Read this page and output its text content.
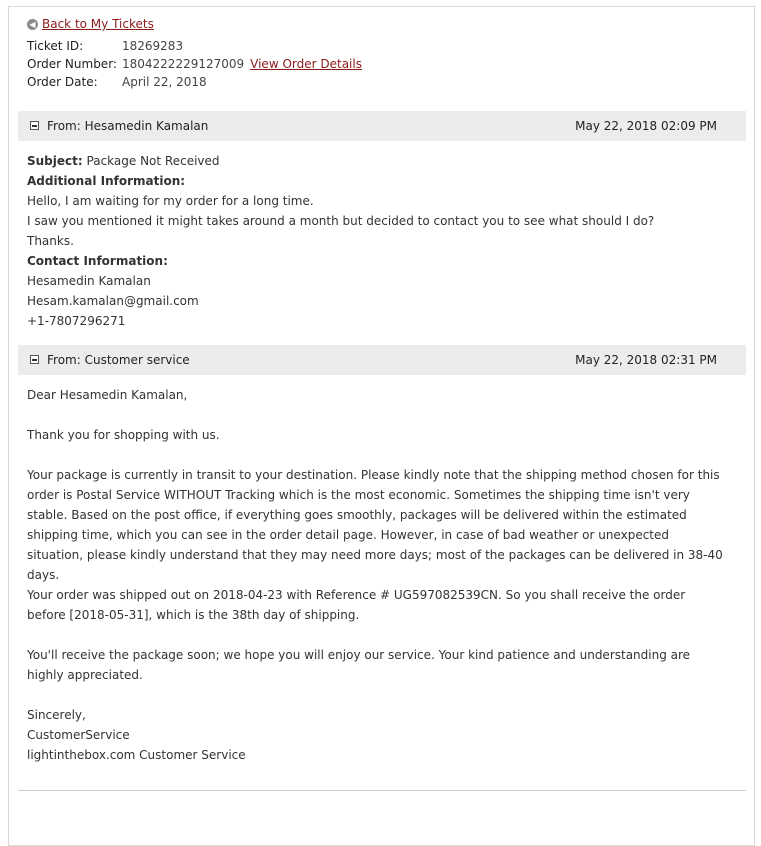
◀ Back to My Tickets
Ticket ID:	18269283
Order Number: 1804222229127009 View Order Details
Order Date: April 22, 2018
From: Hesamedin Kamalan	May 22, 2018 02:09 PM
Subject: Package Not Received
Additional Information:
Hello, I am waiting for my order for a long time.
I saw you mentioned it might takes around a month but decided to contact you to see what should I do?
Thanks.
Contact Information:
Hesamedin Kamalan
Hesam.kamalan@gmail.com
+1-7807296271
From: Customer service	May 22, 2018 02:31 PM
Dear Hesamedin Kamalan,
Thank you for shopping with us.
Your package is currently in transit to your destination. Please kindly note that the shipping method chosen for this order is Postal Service WITHOUT Tracking which is the most economic. Sometimes the shipping time isn't very stable. Based on the post office, if everything goes smoothly, packages will be delivered within the estimated shipping time, which you can see in the order detail page. However, in case of bad weather or unexpected situation, please kindly understand that they may need more days; most of the packages can be delivered in 38-40 days.
Your order was shipped out on 2018-04-23 with Reference # UG597082539CN. So you shall receive the order before [2018-05-31], which is the 38th day of shipping.
You'll receive the package soon; we hope you will enjoy our service. Your kind patience and understanding are highly appreciated.
Sincerely,
CustomerService
lightinthebox.com Customer Service
